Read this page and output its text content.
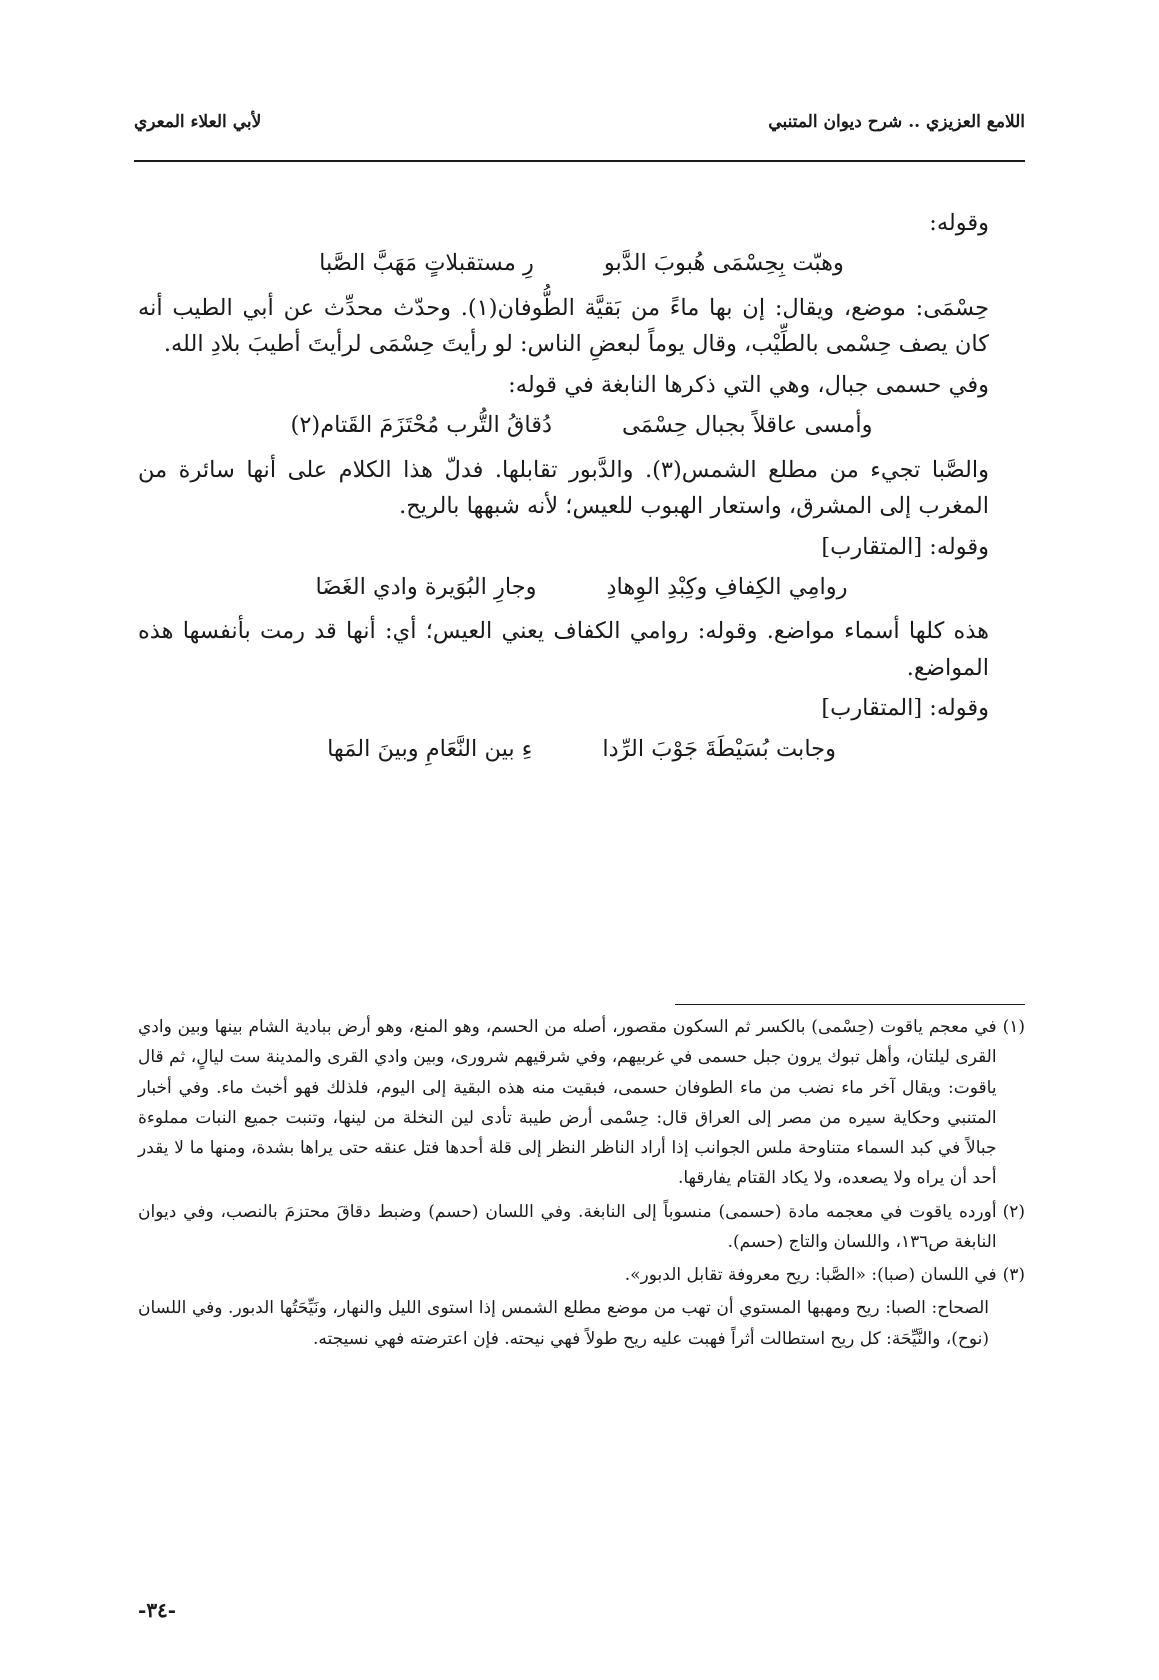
اللامع العزيزي .. شرح ديوان المتنبي
لأبي العلاء المعري

وقوله:

وهبّت بِحِسْمَى هُبوبَ الدَّبو
رِ مستقبلاتٍ مَهَبَّ الصَّبا

حِسْمَى: موضع، ويقال: إن بها ماءً من بَقيَّة الطُّوفان(١). وحدّث محدِّث عن أبي الطيب أنه كان يصف حِسْمى بالطِّيْب، وقال يوماً لبعضِ الناس: لو رأيتَ حِسْمَى لرأيتَ أطيبَ بلادِ الله.

وفي حسمى جبال، وهي التي ذكرها النابغة في قوله:

وأمسى عاقلاً بجبال حِسْمَى
دُقاقُ التُّرب مُحْتَزَمَ القَتام(٢)

والصَّبا تجيء من مطلع الشمس(٣). والدَّبور تقابلها. فدلّ هذا الكلام على أنها سائرة من المغرب إلى المشرق، واستعار الهبوب للعيس؛ لأنه شبهها بالريح.

وقوله: [المتقارب]

روامِي الكِفافِ وكِبْدِ الوِهادِ
وجارِ البُوَيرة وادي الغَضَا

هذه كلها أسماء مواضع. وقوله: روامي الكفاف يعني العيس؛ أي: أنها قد رمت بأنفسها هذه المواضع.

وقوله: [المتقارب]

وجابت بُسَيْطَةَ جَوْبَ الرِّدا
ءِ بين النَّعَامِ وبينَ المَها
(١)
في معجم ياقوت (حِسْمى) بالكسر ثم السكون مقصور، أصله من الحسم، وهو المنع، وهو أرض ببادية الشام بينها وبين وادي القرى ليلتان، وأهل تبوك يرون جبل حسمى في غربيهم، وفي شرقيهم شرورى، وبين وادي القرى والمدينة ست ليالٍ، ثم قال ياقوت: ويقال آخر ماء نضب من ماء الطوفان حسمى، فبقيت منه هذه البقية إلى اليوم، فلذلك فهو أخبث ماء. وفي أخبار المتنبي وحكاية سيره من مصر إلى العراق قال: حِسْمى أرض طيبة تأدى لين النخلة من لينها، وتنبت جميع النبات مملوءة جبالاً في كبد السماء متناوحة ملس الجوانب إذا أراد الناظر النظر إلى قلة أحدها فتل عنقه حتى يراها بشدة، ومنها ما لا يقدر أحد أن يراه ولا يصعده، ولا يكاد القتام يفارقها.
(٢)
أورده ياقوت في معجمه مادة (حسمى) منسوباً إلى النابغة. وفي اللسان (حسم) وضبط دقاقَ محتزمَ بالنصب، وفي ديوان النابغة ص١٣٦، واللسان والتاج (حسم).
(٣)
في اللسان (صبا): «الصَّبا: ريح معروفة تقابل الدبور».

الصحاح: الصبا: ريح ومهبها المستوي أن تهب من موضع مطلع الشمس إذا استوى الليل والنهار، ونَيِّحَتُها الدبور. وفي اللسان (نوح)، والنَّيِّحَة: كل ريح استطالت أثراً فهبت عليه ريح طولاً فهي نيحته. فإن اعترضته فهي نسيجته.

-٣٤-
